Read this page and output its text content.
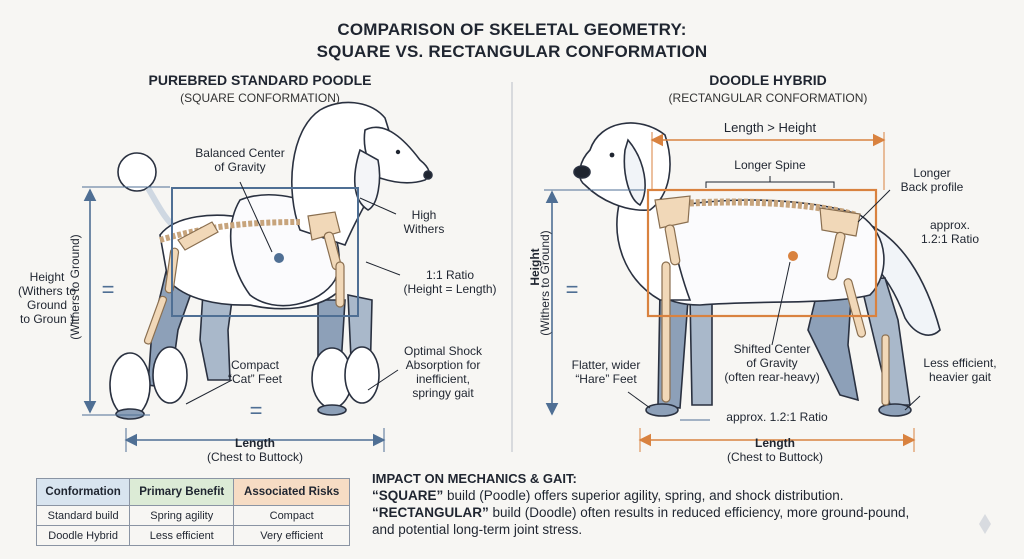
COMPARISON OF SKELETAL GEOMETRY:
SQUARE VS. RECTANGULAR CONFORMATION
PUREBRED STANDARD POODLE
(SQUARE CONFORMATION)
Balanced Center
of Gravity
High
Withers
1:1 Ratio
(Height = Length)
Height
(Withers to Ground
to Groun )
(Withers to Ground) =
=
Compact
“Cat” Feet
Optimal Shock
Absorption for
inefficient,
springy gait
Length
(Chest to Buttock)
DOODLE HYBRID
(RECTANGULAR CONFORMATION)
Length > Height
Longer Spine
Longer
Back profile
approx.
1.2:1 Ratio
Height
(Withers to Ground) =
Flatter, wider
“Hare” Feet
Shifted Center
of Gravity
(often rear-heavy)
Less efficient,
heavier gait
approx. 1.2:1 Ratio
Length
(Chest to Buttock)
Conformation	Primary Benefit	Associated Risks
Standard build	Spring agility	Compact
Doodle Hybrid	Less efficient	Very efficient
IMPACT ON MECHANICS & GAIT:
“SQUARE” build (Poodle) offers superior agility, spring, and shock distribution.
“RECTANGULAR” build (Doodle) often results in reduced efficiency, more ground-pound,
and potential long-term joint stress.
